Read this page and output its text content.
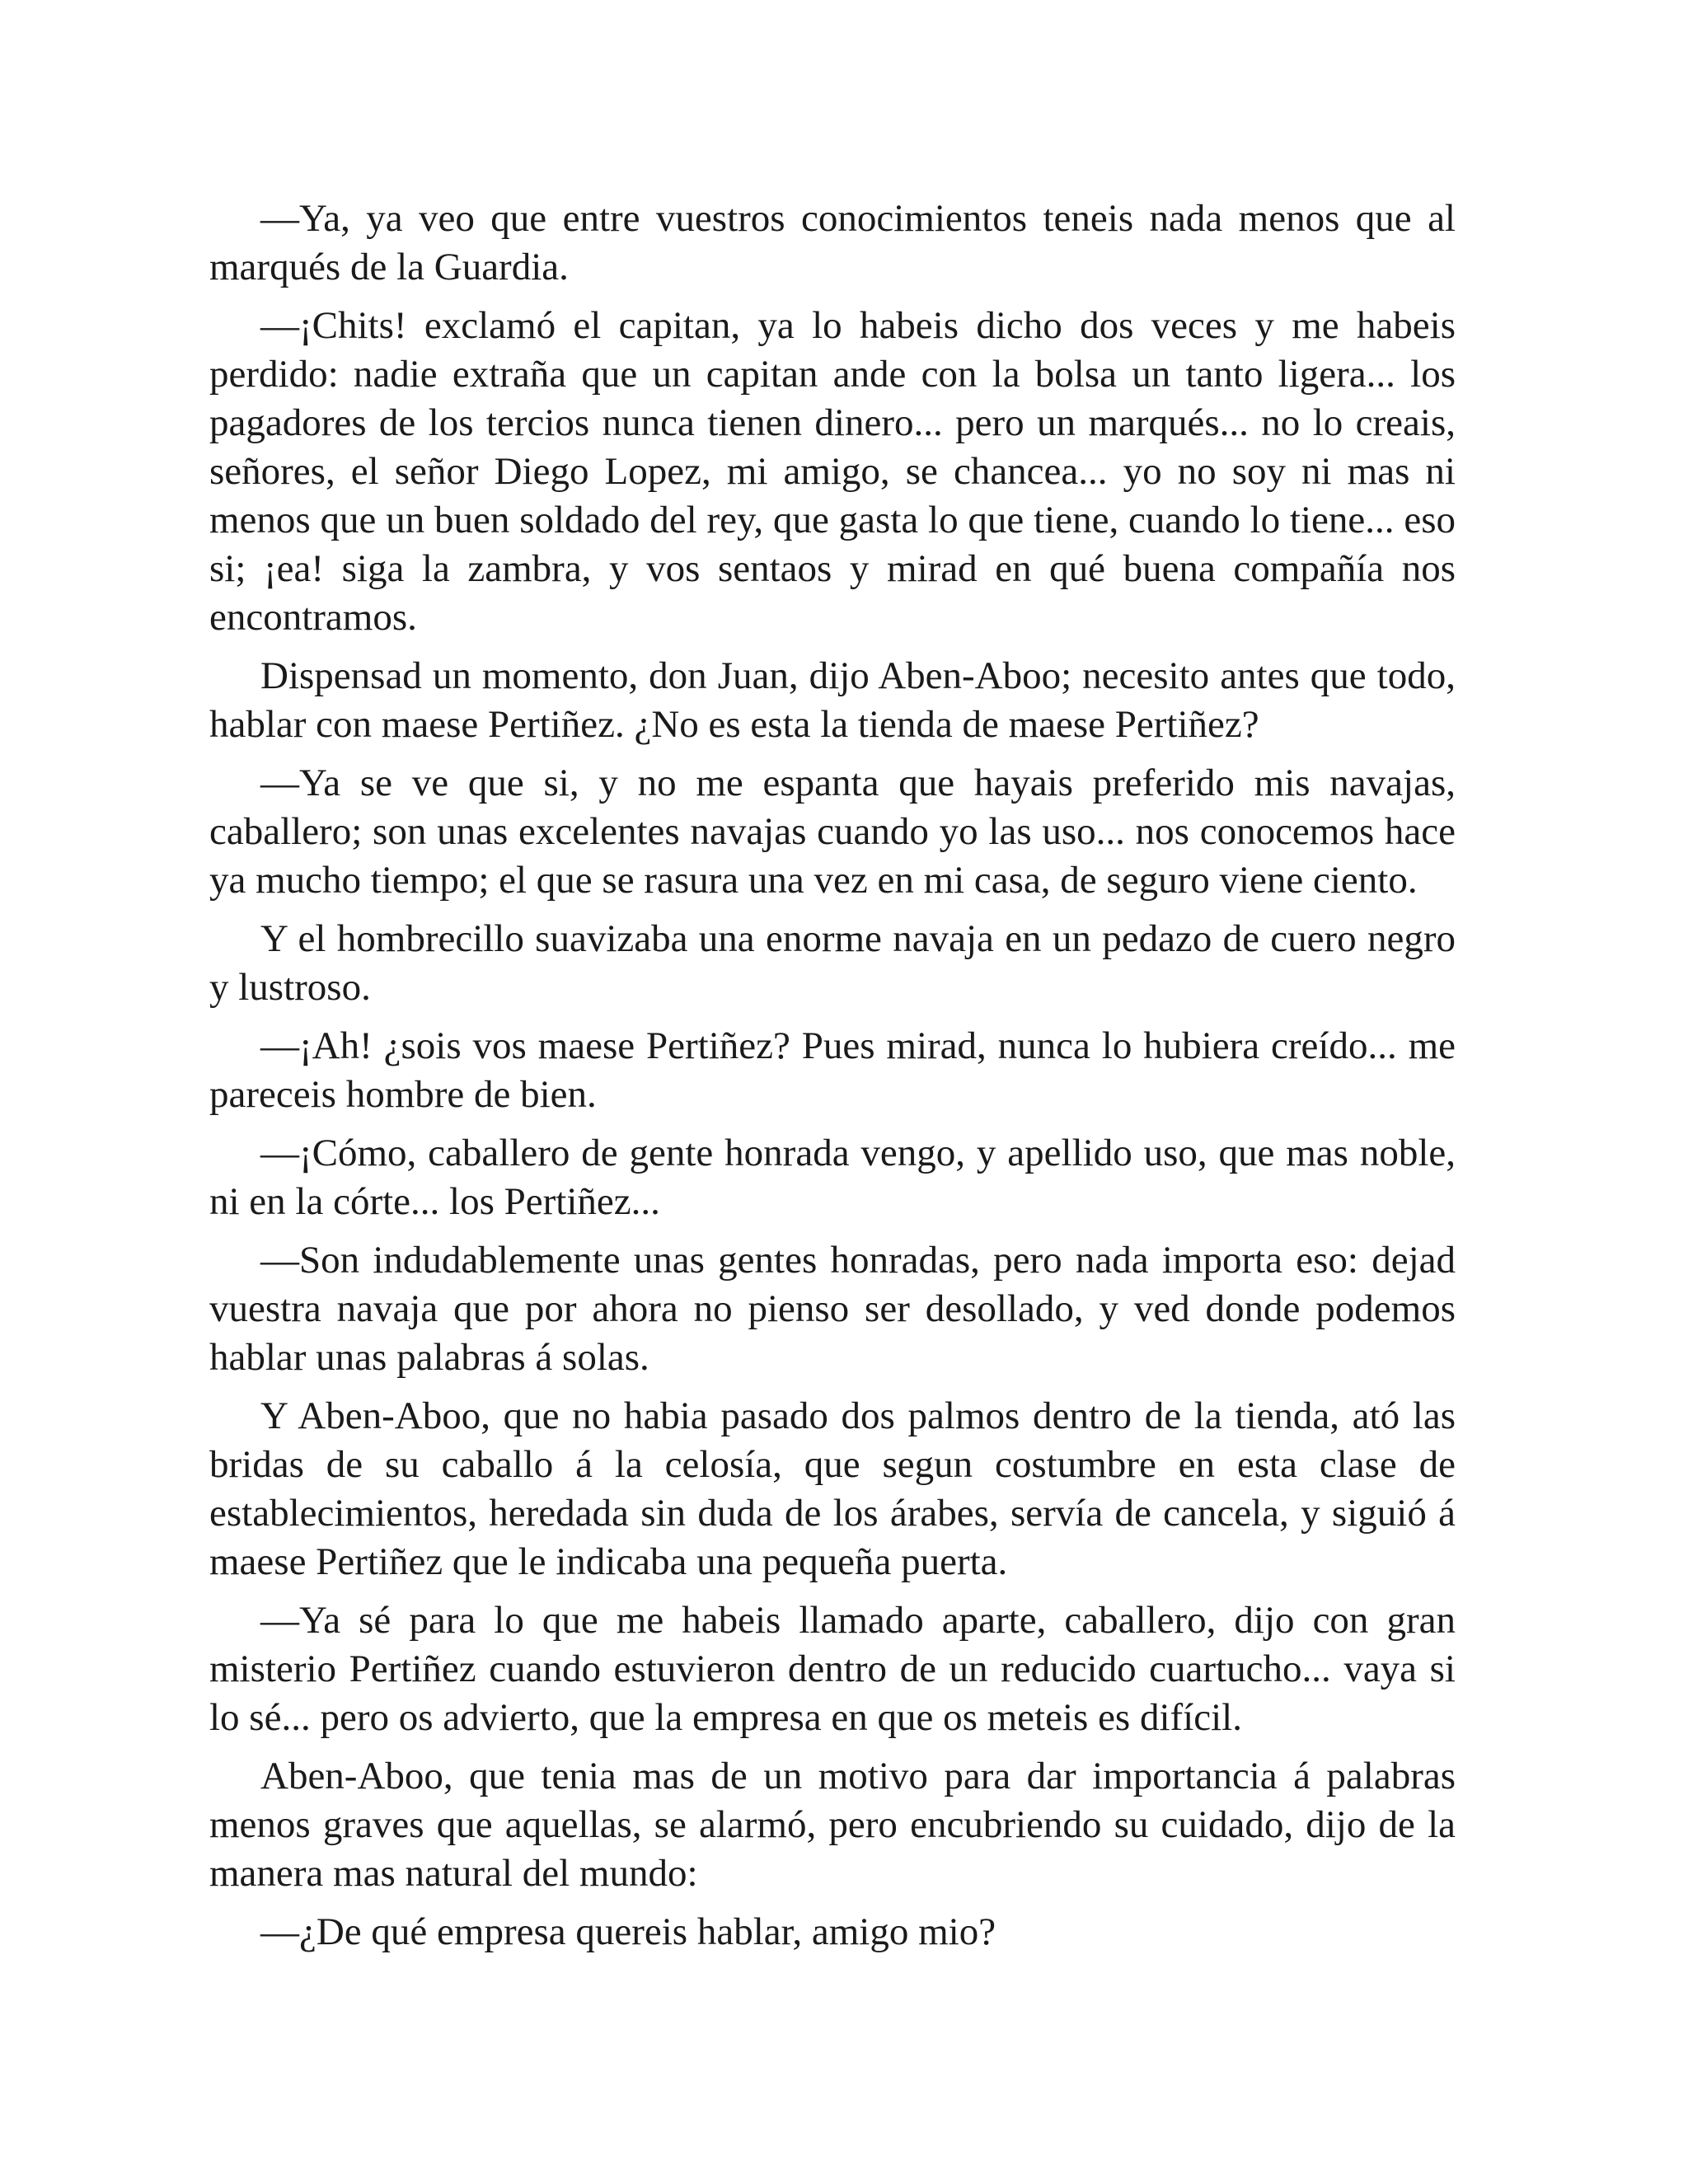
—Ya, ya veo que entre vuestros conocimientos teneis nada menos que al marqués de la Guardia.

—¡Chits! exclamó el capitan, ya lo habeis dicho dos veces y me habeis perdido: nadie extraña que un capitan ande con la bolsa un tanto ligera... los pagadores de los tercios nunca tienen dinero... pero un marqués... no lo creais, señores, el señor Diego Lopez, mi amigo, se chancea... yo no soy ni mas ni menos que un buen soldado del rey, que gasta lo que tiene, cuando lo tiene... eso si; ¡ea! siga la zambra, y vos sentaos y mirad en qué buena compañía nos encontramos.

Dispensad un momento, don Juan, dijo Aben-Aboo; necesito antes que todo, hablar con maese Pertiñez. ¿No es esta la tienda de maese Pertiñez?

—Ya se ve que si, y no me espanta que hayais preferido mis navajas, caballero; son unas excelentes navajas cuando yo las uso... nos conocemos hace ya mucho tiempo; el que se rasura una vez en mi casa, de seguro viene ciento.

Y el hombrecillo suavizaba una enorme navaja en un pedazo de cuero negro y lustroso.

—¡Ah! ¿sois vos maese Pertiñez? Pues mirad, nunca lo hubiera creído... me pareceis hombre de bien.

—¡Cómo, caballero de gente honrada vengo, y apellido uso, que mas noble, ni en la córte... los Pertiñez...

—Son indudablemente unas gentes honradas, pero nada importa eso: dejad vuestra navaja que por ahora no pienso ser desollado, y ved donde podemos hablar unas palabras á solas.

Y Aben-Aboo, que no habia pasado dos palmos dentro de la tienda, ató las bridas de su caballo á la celosía, que segun costumbre en esta clase de establecimientos, heredada sin duda de los árabes, servía de cancela, y siguió á maese Pertiñez que le indicaba una pequeña puerta.

—Ya sé para lo que me habeis llamado aparte, caballero, dijo con gran misterio Pertiñez cuando estuvieron dentro de un reducido cuartucho... vaya si lo sé... pero os advierto, que la empresa en que os meteis es difícil.

Aben-Aboo, que tenia mas de un motivo para dar importancia á palabras menos graves que aquellas, se alarmó, pero encubriendo su cuidado, dijo de la manera mas natural del mundo:

—¿De qué empresa quereis hablar, amigo mio?
